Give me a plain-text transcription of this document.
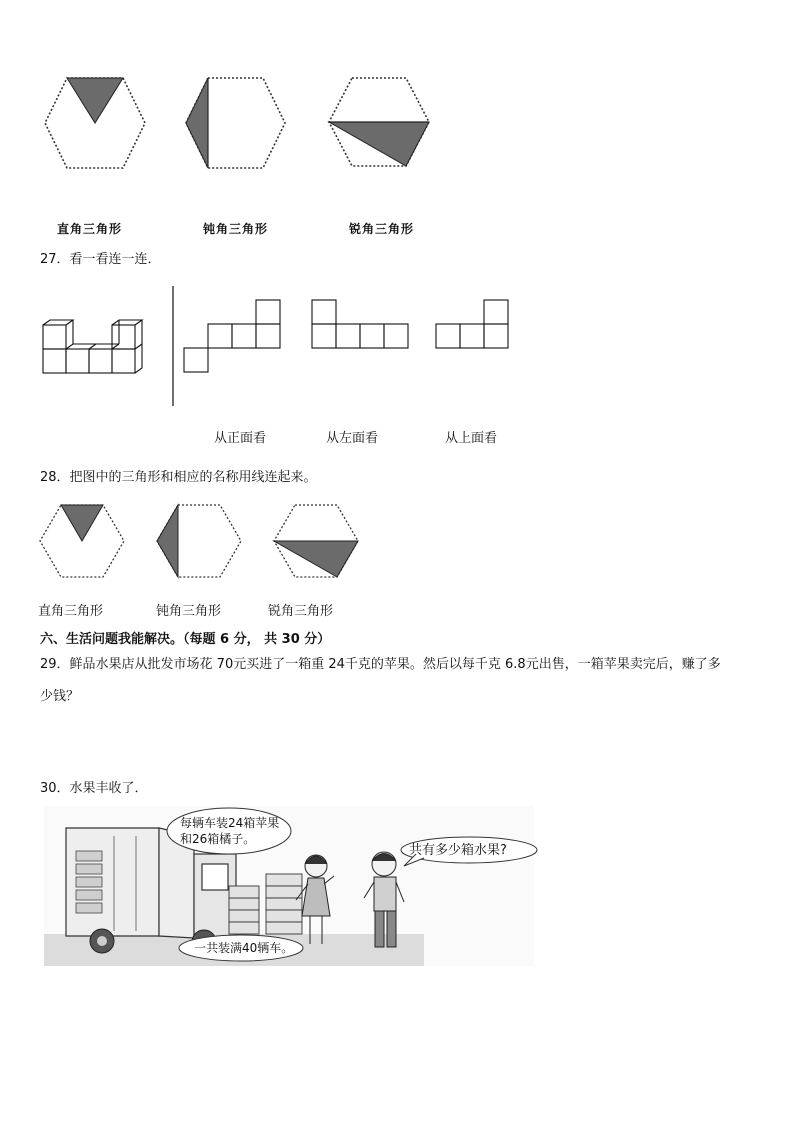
直角三角形	钝角三角形	锐角三角形
27．看一看连一连．
从正面看	从左面看	从上面看
28．把图中的三角形和相应的名称用线连起来。
直角三角形	钝角三角形	锐角三角形
六、生活问题我能解决。（每题 6 分， 共 30 分）
29．鲜品水果店从批发市场花 70元买进了一箱重 24千克的苹果。然后以每千克 6.8元出售，一箱苹果卖完后，赚了多
少钱？
30．水果丰收了．
每辆车装24箱苹果
和26箱橘子。
共有多少箱水果?
一共装满40辆车。
